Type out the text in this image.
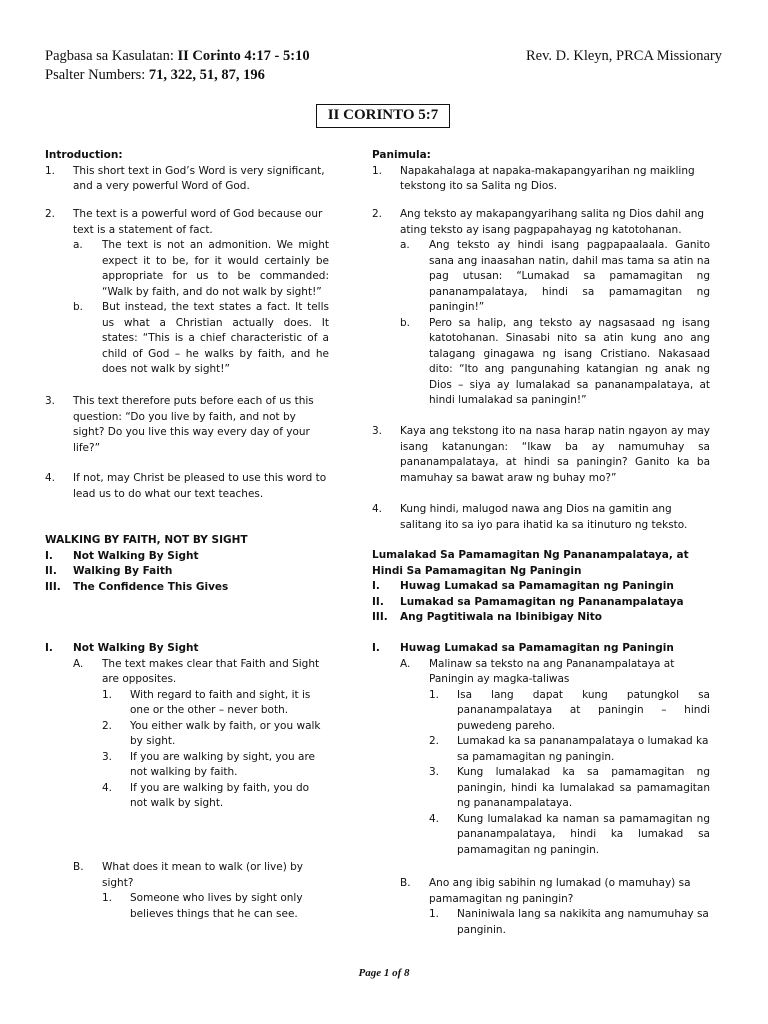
Pagbasa sa Kasulatan: II Corinto 4:17 - 5:10
Psalter Numbers: 71, 322, 51, 87, 196
Rev. D. Kleyn, PRCA Missionary
II CORINTO 5:7
Introduction:
1. This short text in God’s Word is very significant, and a very powerful Word of God.
2. The text is a powerful word of God because our text is a statement of fact.
a. The text is not an admonition. We might expect it to be, for it would certainly be appropriate for us to be commanded: “Walk by faith, and do not walk by sight!”
b. But instead, the text states a fact. It tells us what a Christian actually does. It states: “This is a chief characteristic of a child of God – he walks by faith, and he does not walk by sight!”
3. This text therefore puts before each of us this question: “Do you live by faith, and not by sight? Do you live this way every day of your life?”
4. If not, may Christ be pleased to use this word to lead us to do what our text teaches.
WALKING BY FAITH, NOT BY SIGHT
I. Not Walking By Sight
II. Walking By Faith
III. The Confidence This Gives
I. Not Walking By Sight
A. The text makes clear that Faith and Sight are opposites.
1. With regard to faith and sight, it is one or the other – never both.
2. You either walk by faith, or you walk by sight.
3. If you are walking by sight, you are not walking by faith.
4. If you are walking by faith, you do not walk by sight.
B. What does it mean to walk (or live) by sight?
1. Someone who lives by sight only believes things that he can see.
Panimula:
1. Napakahalaga at napaka-makapangyarihan ng maikling tekstong ito sa Salita ng Dios.
2. Ang teksto ay makapangyarihang salita ng Dios dahil ang ating teksto ay isang pagpapahayag ng katotohanan.
a. Ang teksto ay hindi isang pagpapaalaala. Ganito sana ang inaasahan natin, dahil mas tama sa atin na pag utusan: “Lumakad sa pamamagitan ng pananampalataya, hindi sa pamamagitan ng paningin!”
b. Pero sa halip, ang teksto ay nagsasaad ng isang katotohanan. Sinasabi nito sa atin kung ano ang talagang ginagawa ng isang Cristiano. Nakasaad dito: “Ito ang pangunahing katangian ng anak ng Dios – siya ay lumalakad sa pananampalataya, at hindi lumalakad sa paningin!”
3. Kaya ang tekstong ito na nasa harap natin ngayon ay may isang katanungan: “Ikaw ba ay namumuhay sa pananampalataya, at hindi sa paningin? Ganito ka ba mamuhay sa bawat araw ng buhay mo?”
4. Kung hindi, malugod nawa ang Dios na gamitin ang salitang ito sa iyo para ihatid ka sa itinuturo ng teksto.
Lumalakad Sa Pamamagitan Ng Pananampalataya, at Hindi Sa Pamamagitan Ng Paningin
I. Huwag Lumakad sa Pamamagitan ng Paningin
II. Lumakad sa Pamamagitan ng Pananampalataya
III. Ang Pagtitiwala na Ibinibigay Nito
I. Huwag Lumakad sa Pamamagitan ng Paningin
A. Malinaw sa teksto na ang Pananampalataya at Paningin ay magka-taliwas
1. Isa lang dapat kung patungkol sa pananampalataya at paningin – hindi puwedeng pareho.
2. Lumakad ka sa pananampalataya o lumakad ka sa pamamagitan ng paningin.
3. Kung lumalakad ka sa pamamagitan ng paningin, hindi ka lumalakad sa pamamagitan ng pananampalataya.
4. Kung lumalakad ka naman sa pamamagitan ng pananampalataya, hindi ka lumakad sa pamamagitan ng paningin.
B. Ano ang ibig sabihin ng lumakad (o mamuhay) sa pamamagitan ng paningin?
1. Naniniwala lang sa nakikita ang namumuhay sa panginin.
Page 1 of 8
